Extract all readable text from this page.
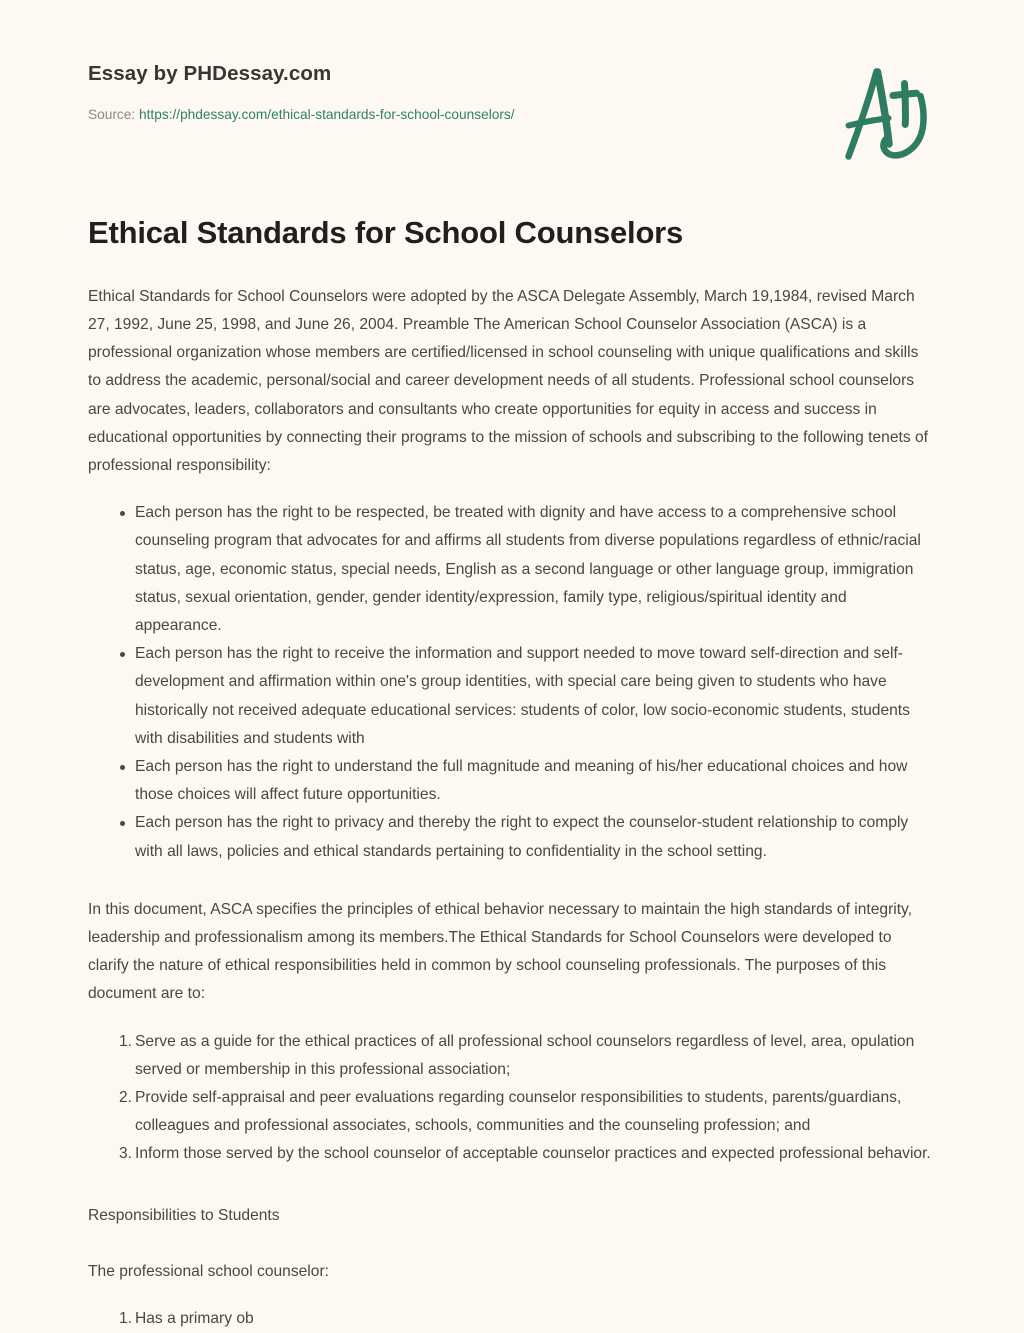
Essay by PHDessay.com
Source: https://phdessay.com/ethical-standards-for-school-counselors/
Ethical Standards for School Counselors

Ethical Standards for School Counselors were adopted by the ASCA Delegate Assembly, March 19,1984, revised March 27, 1992, June 25, 1998, and June 26, 2004. Preamble The American School Counselor Association (ASCA) is a professional organization whose members are certified/licensed in school counseling with unique qualifications and skills to address the academic, personal/social and career development needs of all students. Professional school counselors are advocates, leaders, collaborators and consultants who create opportunities for equity in access and success in educational opportunities by connecting their programs to the mission of schools and subscribing to the following tenets of professional responsibility:

Each person has the right to be respected, be treated with dignity and have access to a comprehensive school counseling program that advocates for and affirms all students from diverse populations regardless of ethnic/racial status, age, economic status, special needs, English as a second language or other language group, immigration status, sexual orientation, gender, gender identity/expression, family type, religious/spiritual identity and appearance.
Each person has the right to receive the information and support needed to move toward self-direction and self-development and affirmation within one's group identities, with special care being given to students who have historically not received adequate educational services: students of color, low socio-economic students, students with disabilities and students with
Each person has the right to understand the full magnitude and meaning of his/her educational choices and how those choices will affect future opportunities.
Each person has the right to privacy and thereby the right to expect the counselor-student relationship to comply with all laws, policies and ethical standards pertaining to confidentiality in the school setting.

In this document, ASCA specifies the principles of ethical behavior necessary to maintain the high standards of integrity, leadership and professionalism among its members.The Ethical Standards for School Counselors were developed to clarify the nature of ethical responsibilities held in common by school counseling professionals. The purposes of this document are to:

Serve as a guide for the ethical practices of all professional school counselors regardless of level, area, opulation served or membership in this professional association;
Provide self-appraisal and peer evaluations regarding counselor responsibilities to students, parents/guardians, colleagues and professional associates, schools, communities and the counseling profession; and
Inform those served by the school counselor of acceptable counselor practices and expected professional behavior.

Responsibilities to Students

The professional school counselor:

Has a primary ob
